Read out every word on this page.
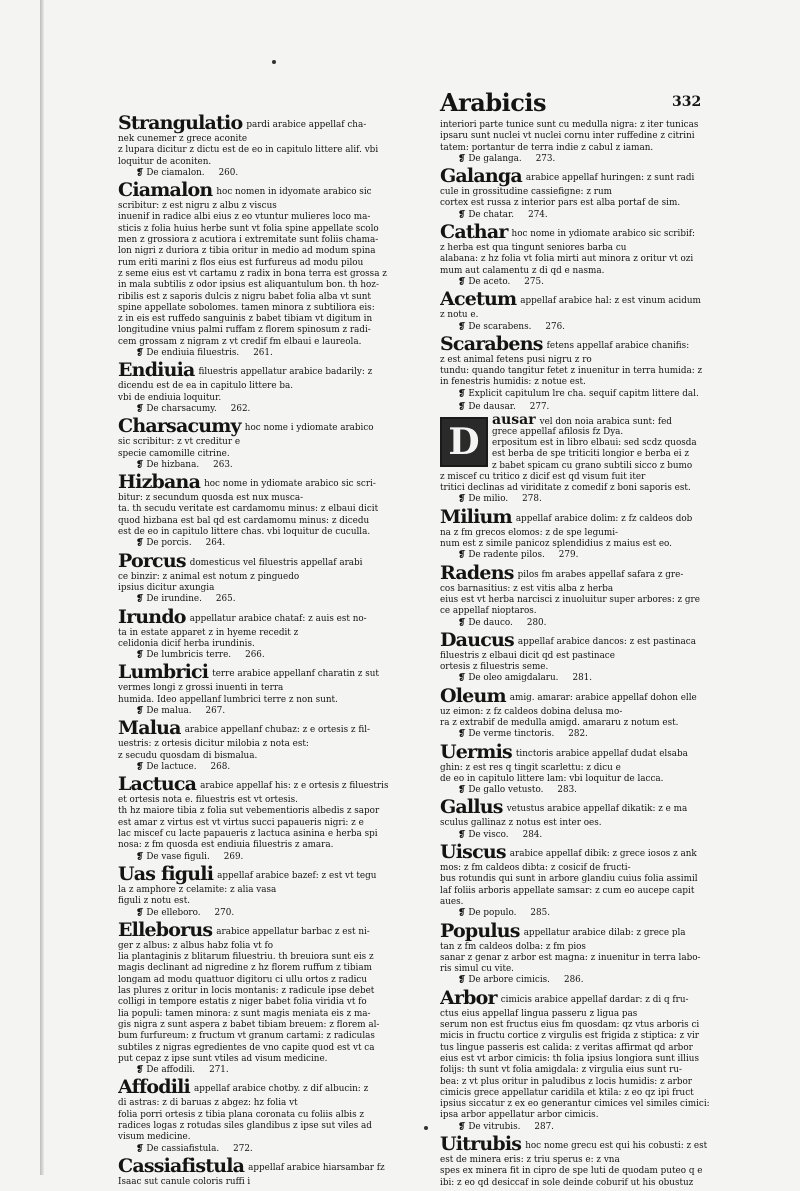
Arabicis	332
Strangulatio pardi arabice appellaf cha-
nek cunemer z grece aconite
z lupara dicitur z dictu est de eo in capitulo littere alif. vbi
loquitur de aconiten.
❡ De ciamalon. 260.
Ciamalon hoc nomen in idyomate arabico sic
scribitur: z est nigru z albu z viscus
inuenif in radice albi eius z eo vtuntur mulieres loco ma-
sticis z folia huius herbe sunt vt folia spine appellate scolo
men z grossiora z acutiora i extremitate sunt foliis chama-
lon nigri z duriora z tibia oritur in medio ad modum spina
rum eriti marini z flos eius est furfureus ad modu pilou
z seme eius est vt cartamu z radix in bona terra est grossa z
in mala subtilis z odor ipsius est aliquantulum bon. th hoz-
ribilis est z saporis dulcis z nigru babet folia alba vt sunt
spine appellate sobolomes. tamen minora z subtiliora eis:
z in eis est ruffedo sanguinis z babet tibiam vt digitum in
longitudine vnius palmi ruffam z florem spinosum z radi-
cem grossam z nigram z vt credif fm elbaui e laureola.
❡ De endiuia filuestris. 261.
Endiuia filuestris appellatur arabice badarily: z
dicendu est de ea in capitulo littere ba.
vbi de endiuia loquitur.
❡ De charsacumy. 262.
Charsacumy hoc nome i ydiomate arabico
sic scribitur: z vt creditur e
specie camomille citrine.
❡ De hizbana. 263.
Hizbana hoc nome in ydiomate arabico sic scri-
bitur: z secundum quosda est nux musca-
ta. th secudu veritate est cardamomu minus: z elbaui dicit
quod hizbana est bal qd est cardamomu minus: z dicedu
est de eo in capitulo littere chas. vbi loquitur de cuculla.
❡ De porcis. 264.
Porcus domesticus vel filuestris appellaf arabi
ce binzir: z animal est notum z pinguedo
ipsius dicitur axungia
❡ De irundine. 265.
Irundo appellatur arabice chataf: z auis est no-
ta in estate apparet z in hyeme recedit z
celidonia dicif herba irundinis.
❡ De lumbricis terre. 266.
Lumbrici terre arabice appellanf charatin z sut
vermes longi z grossi inuenti in terra
humida. Ideo appellanf lumbrici terre z non sunt.
❡ De malua. 267.
Malua arabice appellanf chubaz: z e ortesis z fil-
uestris: z ortesis dicitur milobia z nota est:
z secudu quosdam di bismalua.
❡ De lactuce. 268.
Lactuca arabice appellaf his: z e ortesis z filuestris
et ortesis nota e. filuestris est vt ortesis.
th hz maiore tibia z folia sut vebementioris albedis z sapor
est amar z virtus est vt virtus succi papaueris nigri: z e
lac miscef cu lacte papaueris z lactuca asinina e herba spi
nosa: z fm quosda est endiuia filuestris z amara.
❡ De vase figuli. 269.
Uas figuli appellaf arabice bazef: z est vt tegu
la z amphore z celamite: z alia vasa
figuli z notu est.
❡ De elleboro. 270.
Elleborus arabice appellatur barbac z est ni-
ger z albus: z albus habz folia vt fo
lia plantaginis z blitarum filuestriu. th breuiora sunt eis z
magis declinant ad nigredine z hz florem ruffum z tibiam
longam ad modu quattuor digitoru ci ullu ortos z radicu
las plures z oritur in locis montanis: z radicule ipse debet
colligi in tempore estatis z niger babet folia viridia vt fo
lia populi: tamen minora: z sunt magis meniata eis z ma-
gis nigra z sunt aspera z babet tibiam breuem: z florem al-
bum furfureum: z fructum vt granum cartami: z radiculas
subtiles z nigras egredientes de vno capite quod est vt ca
put cepaz z ipse sunt vtiles ad visum medicine.
❡ De affodili. 271.
Affodili appellaf arabice chotby. z dif albucin: z
di astras: z di baruas z abgez: hz folia vt
folia porri ortesis z tibia plana coronata cu foliis albis z
radices logas z rotudas siles glandibus z ipse sut viles ad
visum medicine.
❡ De cassiafistula. 272.
Cassiafistula appellaf arabice hiarsambar fz
Isaac sut canule coloris ruffi i
interiori parte tunice sunt cu medulla nigra: z iter tunicas
ipsaru sunt nuclei vt nuclei cornu inter ruffedine z citrini
tatem: portantur de terra indie z cabul z iaman.
❡ De galanga. 273.
Galanga arabice appellaf huringen: z sunt radi
cule in grossitudine cassiefigne: z rum
cortex est russa z interior pars est alba portaf de sim.
❡ De chatar. 274.
Cathar hoc nome in ydiomate arabico sic scribif:
z herba est qua tingunt seniores barba cu
alabana: z hz folia vt folia mirti aut minora z oritur vt ozi
mum aut calamentu z di qd e nasma.
❡ De aceto. 275.
Acetum appellaf arabice hal: z est vinum acidum
z notu e.
❡ De scarabens. 276.
Scarabens fetens appellaf arabice chanifis:
z est animal fetens pusi nigru z ro
tundu: quando tangitur fetet z inuenitur in terra humida: z
in fenestris humidis: z notue est.
❡ Explicit capitulum lre cha. sequif capitm littere dal.
❡ De dausar. 277.
D
ausar vel don noia arabica sunt: fed
grece appellaf afilosis fz Dya.
erpositum est in libro elbaui: sed scdz quosda
est berba de spe triticiti longior e berba ei z
z babet spicam cu grano subtili sicco z bumo
z miscef cu tritico z dicif est qd visum fuit iter
tritici declinas ad viriditate z comedif z boni saporis est.
❡ De milio. 278.
Milium appellaf arabice dolim: z fz caldeos dob
na z fm grecos elomos: z de spe legumi-
num est z simile panicoz splendidius z maius est eo.
❡ De radente pilos. 279.
Radens pilos fm arabes appellaf safara z gre-
cos barnasitius: z est vitis alba z herba
eius est vt herba narcisci z inuoluitur super arbores: z gre
ce appellaf nioptaros.
❡ De dauco. 280.
Daucus appellaf arabice dancos: z est pastinaca
filuestris z elbaui dicit qd est pastinace
ortesis z filuestris seme.
❡ De oleo amigdalaru. 281.
Oleum amig. amarar: arabice appellaf dohon elle
uz eimon: z fz caldeos dobina delusa mo-
ra z extrabif de medulla amigd. amararu z notum est.
❡ De verme tinctoris. 282.
Uermis tinctoris arabice appellaf dudat elsaba
ghin: z est res q tingit scarlettu: z dicu e
de eo in capitulo littere lam: vbi loquitur de lacca.
❡ De gallo vetusto. 283.
Gallus vetustus arabice appellaf dikatik: z e ma
sculus gallinaz z notus est inter oes.
❡ De visco. 284.
Uiscus arabice appellaf dibik: z grece iosos z ank
mos: z fm caldeos dibta: z cosicif de fructi-
bus rotundis qui sunt in arbore glandiu cuius folia assimil
laf foliis arboris appellate samsar: z cum eo aucepe capit
aues.
❡ De populo. 285.
Populus appellatur arabice dilab: z grece pla
tan z fm caldeos dolba: z fm pios
sanar z genar z arbor est magna: z inuenitur in terra labo-
ris simul cu vite.
❡ De arbore cimicis. 286.
Arbor cimicis arabice appellaf dardar: z di q fru-
ctus eius appellaf lingua passeru z ligua pas
serum non est fructus eius fm quosdam: qz vtus arboris ci
micis in fructu cortice z virgulis est frigida z stiptica: z vir
tus lingue passeris est calida: z veritas affirmat qd arbor
eius est vt arbor cimicis: th folia ipsius longiora sunt illius
folijs: th sunt vt folia amigdala: z virgulia eius sunt ru-
bea: z vt plus oritur in paludibus z locis humidis: z arbor
cimicis grece appellatur caridila et ktila: z eo qz ipi fruct
ipsius siccatur z ex eo generantur cimices vel similes cimici:
ipsa arbor appellatur arbor cimicis.
❡ De vitrubis. 287.
Uitrubis hoc nome grecu est qui his cobusti: z est
est de minera eris: z triu sperus e: z vna
spes ex minera fit in cipro de spe luti de quodam puteo q e
ibi: z eo qd desiccaf in sole deinde coburif ut his obustuz
